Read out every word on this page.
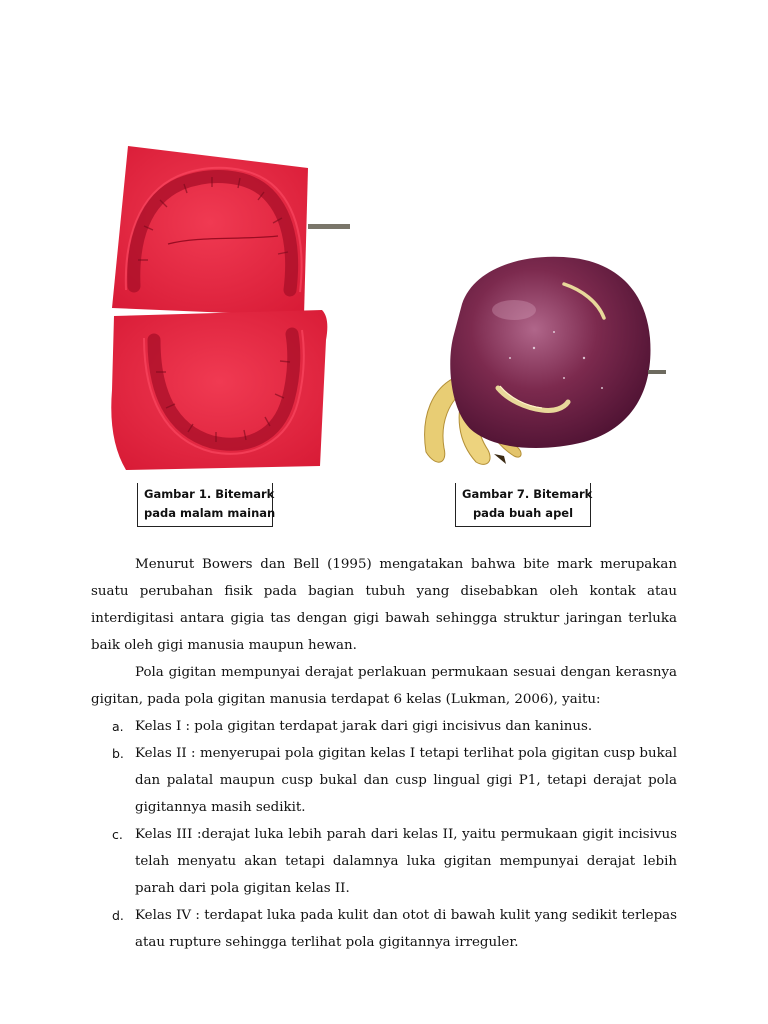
Gambar 1. Bitemark
pada malam mainan
Gambar 7. Bitemark
pada buah apel

Menurut Bowers dan Bell (1995) mengatakan bahwa bite mark merupakan suatu perubahan fisik pada bagian tubuh yang disebabkan oleh kontak atau interdigitasi antara gigia tas dengan gigi bawah sehingga struktur jaringan terluka baik oleh gigi manusia maupun hewan.

Pola gigitan mempunyai derajat perlakuan permukaan sesuai dengan kerasnya gigitan, pada pola gigitan manusia terdapat 6 kelas (Lukman, 2006), yaitu:

a. Kelas I : pola gigitan terdapat jarak dari gigi incisivus dan kaninus.
b. Kelas II : menyerupai pola gigitan kelas I tetapi terlihat pola gigitan cusp bukal dan palatal maupun cusp bukal dan cusp lingual gigi P1, tetapi derajat pola gigitannya masih sedikit.
c. Kelas III :derajat luka lebih parah dari kelas II, yaitu permukaan gigit incisivus telah menyatu akan tetapi dalamnya luka gigitan mempunyai derajat lebih parah dari pola gigitan kelas II.
d. Kelas IV : terdapat luka pada kulit dan otot di bawah kulit yang sedikit terlepas atau rupture sehingga terlihat pola gigitannya irreguler.
